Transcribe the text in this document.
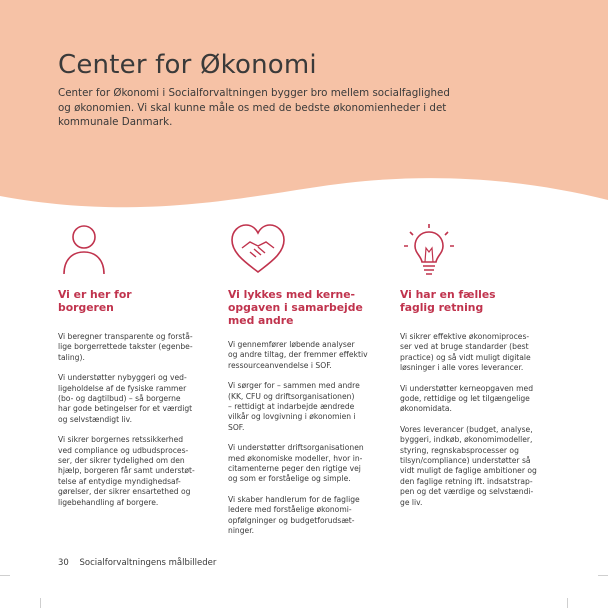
Center for Økonomi
Center for Økonomi i Socialforvaltningen bygger bro mellem socialfaglighed
og økonomien. Vi skal kunne måle os med de bedste økonomienheder i det
kommunale Danmark.
Vi er her for
borgeren
Vi beregner transparente og forstå-
lige borgerrettede takster (egenbe-
taling).
Vi understøtter nybyggeri og ved-
ligeholdelse af de fysiske rammer
(bo- og dagtilbud) – så borgerne
har gode betingelser for et værdigt
og selvstændigt liv.
Vi sikrer borgernes retssikkerhed
ved compliance og udbudsproces-
ser, der sikrer tydelighed om den
hjælp, borgeren får samt understøt-
telse af entydige myndighedsaf-
gørelser, der sikrer ensartethed og
ligebehandling af borgere.
Vi lykkes med kerne-
opgaven i samarbejde
med andre
Vi gennemfører løbende analyser
og andre tiltag, der fremmer effektiv
ressourceanvendelse i SOF.
Vi sørger for – sammen med andre
(KK, CFU og driftsorganisationen)
– rettidigt at indarbejde ændrede
vilkår og lovgivning i økonomien i
SOF.
Vi understøtter driftsorganisationen
med økonomiske modeller, hvor in-
citamenterne peger den rigtige vej
og som er forståelige og simple.
Vi skaber handlerum for de faglige
ledere med forståelige økonomi-
opfølgninger og budgetforudsæt-
ninger.
Vi har en fælles
faglig retning
Vi sikrer effektive økonomiproces-
ser ved at bruge standarder (best
practice) og så vidt muligt digitale
løsninger i alle vores leverancer.
Vi understøtter kerneopgaven med
gode, rettidige og let tilgængelige
økonomidata.
Vores leverancer (budget, analyse,
byggeri, indkøb, økonomimodeller,
styring, regnskabsprocesser og
tilsyn/compliance) understøtter så
vidt muligt de faglige ambitioner og
den faglige retning ift. indsatstrap-
pen og det værdige og selvstændi-
ge liv.
30 Socialforvaltningens målbilleder
